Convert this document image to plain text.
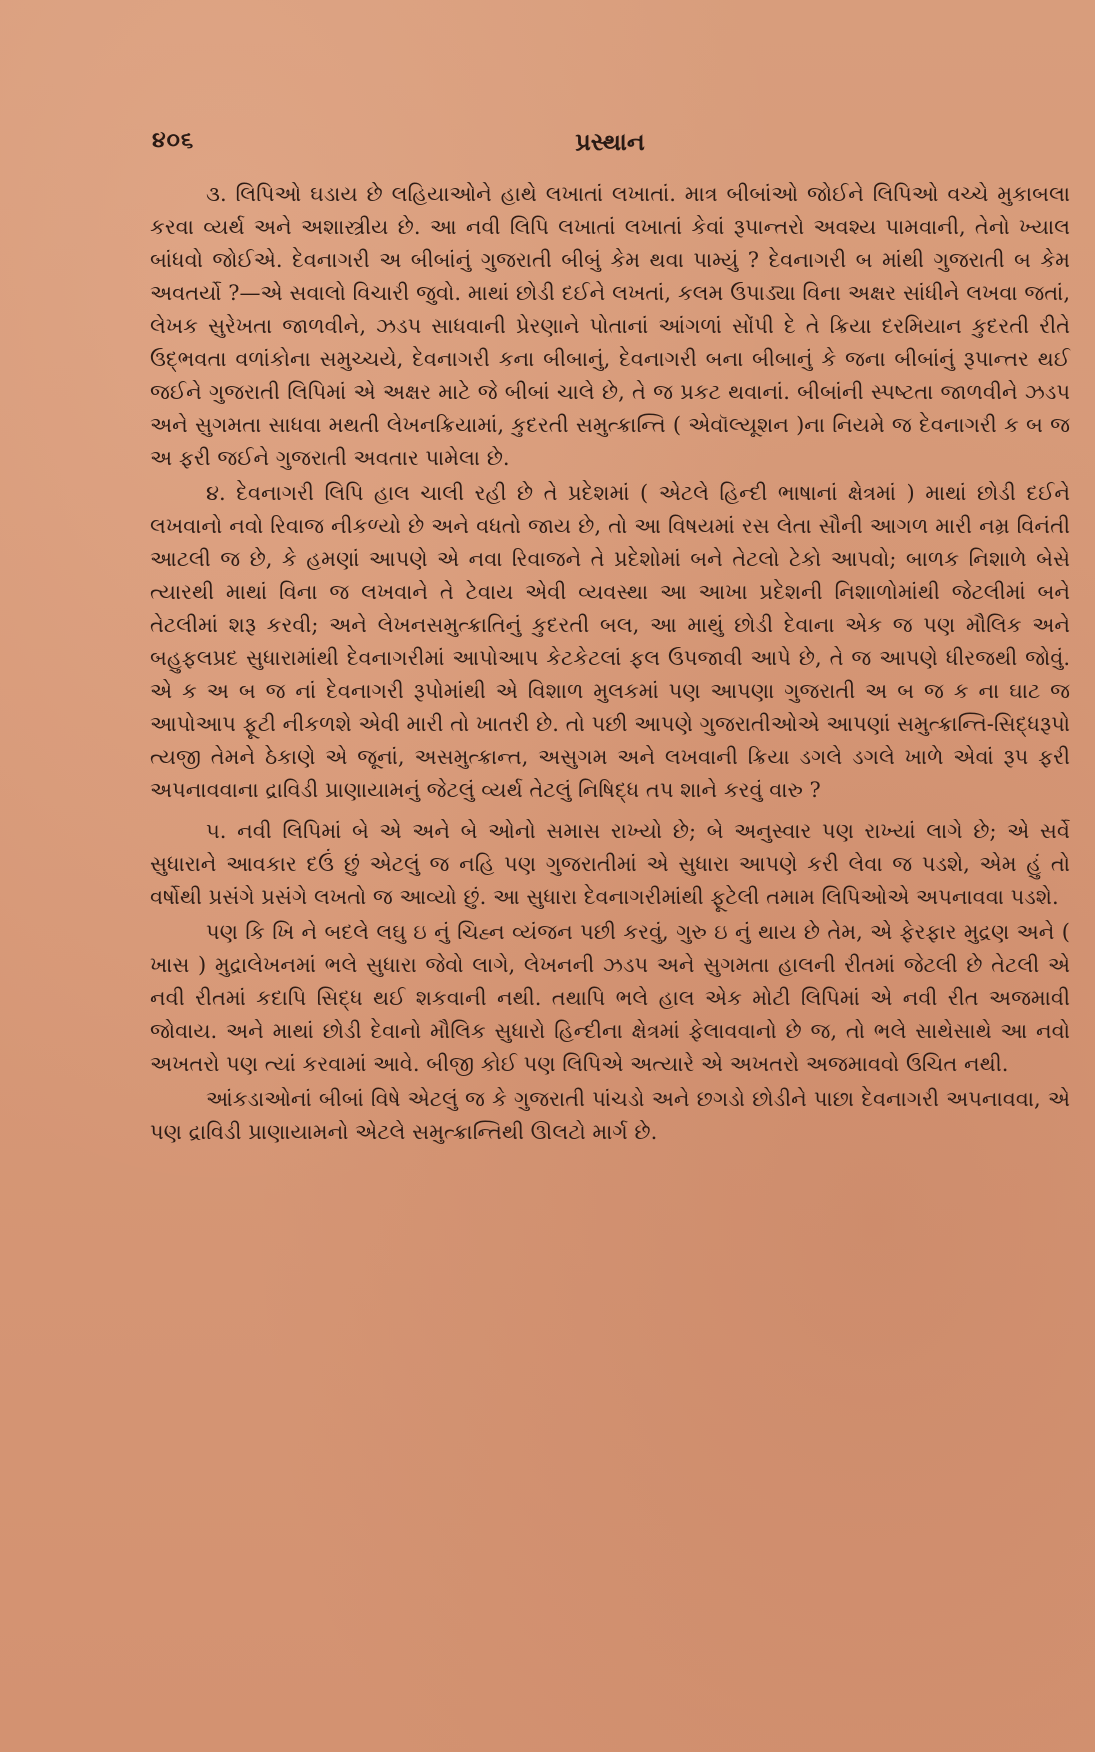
૪૦૬	પ્રસ્થાન

૩. લિપિઓ ઘડાય છે લહિયાઓને હાથે લખાતાં લખાતાં. માત્ર બીબાંઓ જોઈને લિપિઓ વચ્ચે મુકાબલા કરવા વ્યર્થ અને અશાસ્ત્રીય છે. આ નવી લિપિ લખાતાં લખાતાં કેવાં રૂપાન્તરો અવશ્ય પામવાની, તેનો ખ્યાલ બાંધવો જોઈએ. દેવનાગરી અ બીબાંનું ગુજરાતી બીબું કેમ થવા પામ્યું ? દેવનાગરી બ માંથી ગુજરાતી બ કેમ અવતર્યો ?—એ સવાલો વિચારી જુવો. માથાં છોડી દઈને લખતાં, કલમ ઉપાડ્યા વિના અક્ષર સાંધીને લખવા જતાં, લેખક સુરેખતા જાળવીને, ઝડપ સાધવાની પ્રેરણાને પોતાનાં આંગળાં સોંપી દે તે ક્રિયા દરમિયાન કુદરતી રીતે ઉદ્ભવતા વળાંકોના સમુચ્ચયે, દેવનાગરી કના બીબાનું, દેવનાગરી બના બીબાનું કે જના બીબાંનું રૂપાન્તર થઈ જઈને ગુજરાતી લિપિમાં એ અક્ષર માટે જે બીબાં ચાલે છે, તે જ પ્રકટ થવાનાં. બીબાંની સ્પષ્ટતા જાળવીને ઝડપ અને સુગમતા સાધવા મથતી લેખનક્રિયામાં, કુદરતી સમુત્ક્રાન્તિ ( એવૉલ્યૂશન )ના નિયમે જ દેવનાગરી ક બ જ અ ફરી જઈને ગુજરાતી અવતાર પામેલા છે.

૪. દેવનાગરી લિપિ હાલ ચાલી રહી છે તે પ્રદેશમાં ( એટલે હિન્દી ભાષાનાં ક્ષેત્રમાં ) માથાં છોડી દઈને લખવાનો નવો રિવાજ નીકળ્યો છે અને વધતો જાય છે, તો આ વિષયમાં રસ લેતા સૌની આગળ મારી નમ્ર વિનંતી આટલી જ છે, કે હમણાં આપણે એ નવા રિવાજને તે પ્રદેશોમાં બને તેટલો ટેકો આપવો; બાળક નિશાળે બેસે ત્યારથી માથાં વિના જ લખવાને તે ટેવાય એવી વ્યવસ્થા આ આખા પ્રદેશની નિશાળોમાંથી જેટલીમાં બને તેટલીમાં શરૂ કરવી; અને લેખનસમુત્ક્રાતિનું કુદરતી બલ, આ માથું છોડી દેવાના એક જ પણ મૌલિક અને બહુફલપ્રદ સુધારામાંથી દેવનાગરીમાં આપોઆપ કેટકેટલાં ફલ ઉપજાવી આપે છે, તે જ આપણે ધીરજથી જોવું. એ ક અ બ જ નાં દેવનાગરી રૂપોમાંથી એ વિશાળ મુલકમાં પણ આપણા ગુજરાતી અ બ જ ક ના ઘાટ જ આપોઆપ ફૂટી નીકળશે એવી મારી તો ખાતરી છે. તો પછી આપણે ગુજરાતીઓએ આપણાં સમુત્ક્રાન્તિ-સિદ્ધરૂપો ત્યજી તેમને ઠેકાણે એ જૂનાં, અસમુત્ક્રાન્ત, અસુગમ અને લખવાની ક્રિયા ડગલે ડગલે ખાળે એવાં રૂપ ફરી અપનાવવાના દ્રાવિડી પ્રાણાયામનું જેટલું વ્યર્થ તેટલું નિષિદ્ધ તપ શાને કરવું વારુ ?

૫. નવી લિપિમાં બે એ અને બે ઓનો સમાસ રાખ્યો છે; બે અનુસ્વાર પણ રાખ્યાં લાગે છે; એ સર્વે સુધારાને આવકાર દઉં છું એટલું જ નહિ પણ ગુજરાતીમાં એ સુધારા આપણે કરી લેવા જ પડશે, એમ હું તો વર્ષોથી પ્રસંગે પ્રસંગે લખતો જ આવ્યો છું. આ સુધારા દેવનાગરીમાંથી ફૂટેલી તમામ લિપિઓએ અપનાવવા પડશે.

પણ કિ ખિ ને બદલે લઘુ ઇ નું ચિહ્ન વ્યંજન પછી કરવું, ગુરુ ઇ નું થાય છે તેમ, એ ફેરફાર મુદ્રણ અને ( ખાસ ) મુદ્રાલેખનમાં ભલે સુધારા જેવો લાગે, લેખનની ઝડપ અને સુગમતા હાલની રીતમાં જેટલી છે તેટલી એ નવી રીતમાં કદાપિ સિદ્ધ થઈ શકવાની નથી. તથાપિ ભલે હાલ એક મોટી લિપિમાં એ નવી રીત અજમાવી જોવાય. અને માથાં છોડી દેવાનો મૌલિક સુધારો હિન્દીના ક્ષેત્રમાં ફેલાવવાનો છે જ, તો ભલે સાથેસાથે આ નવો અખતરો પણ ત્યાં કરવામાં આવે. બીજી કોઈ પણ લિપિએ અત્યારે એ અખતરો અજમાવવો ઉચિત નથી.

આંકડાઓનાં બીબાં વિષે એટલું જ કે ગુજરાતી પાંચડો અને છગડો છોડીને પાછા દેવનાગરી અપનાવવા, એ પણ દ્રાવિડી પ્રાણાયામનો એટલે સમુત્ક્રાન્તિથી ઊલટો માર્ગ છે.
